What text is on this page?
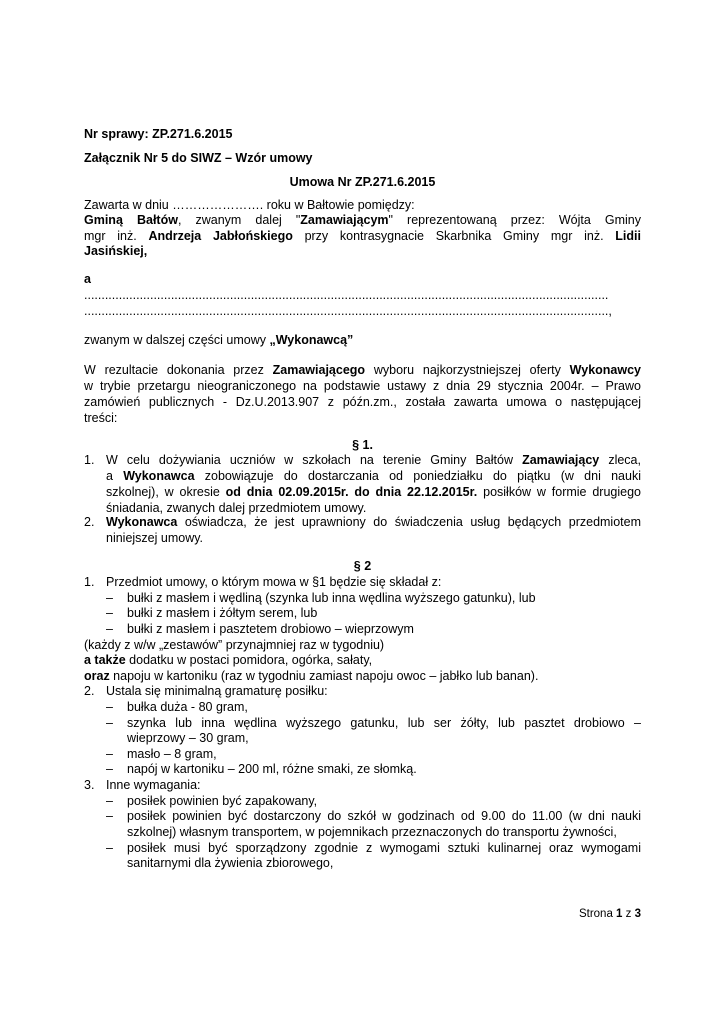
Nr sprawy: ZP.271.6.2015
Załącznik Nr 5 do SIWZ – Wzór umowy
Umowa Nr ZP.271.6.2015
Zawarta w dniu …………………. roku w Bałtowie pomiędzy:
Gminą Bałtów, zwanym dalej "Zamawiającym" reprezentowaną przez: Wójta Gminy
mgr inż. Andrzeja Jabłońskiego przy kontrasygnacie Skarbnika Gminy mgr inż. Lidii
Jasińskiej,
a
.......................................................................................................................................................
.......................................................................................................................................................,
zwanym w dalszej części umowy „Wykonawcą”
W rezultacie dokonania przez Zamawiającego wyboru najkorzystniejszej oferty Wykonawcy
w trybie przetargu nieograniczonego na podstawie ustawy z dnia 29 stycznia 2004r. – Prawo
zamówień publicznych - Dz.U.2013.907 z późn.zm., została zawarta umowa o następującej
treści:
§ 1.
1. W celu dożywiania uczniów w szkołach na terenie Gminy Bałtów Zamawiający zleca,
a Wykonawca zobowiązuje do dostarczania od poniedziałku do piątku (w dni nauki
szkolnej), w okresie od dnia 02.09.2015r. do dnia 22.12.2015r. posiłków w formie drugiego
śniadania, zwanych dalej przedmiotem umowy.
2. Wykonawca oświadcza, że jest uprawniony do świadczenia usług będących przedmiotem
niniejszej umowy.
§ 2
1. Przedmiot umowy, o którym mowa w §1 będzie się składał z:
– bułki z masłem i wędliną (szynka lub inna wędlina wyższego gatunku), lub
– bułki z masłem i żółtym serem, lub
– bułki z masłem i pasztetem drobiowo – wieprzowym
(każdy z w/w „zestawów” przynajmniej raz w tygodniu)
a także dodatku w postaci pomidora, ogórka, sałaty,
oraz napoju w kartoniku (raz w tygodniu zamiast napoju owoc – jabłko lub banan).
2. Ustala się minimalną gramaturę posiłku:
– bułka duża - 80 gram,
– szynka lub inna wędlina wyższego gatunku, lub ser żółty, lub pasztet drobiowo –
wieprzowy – 30 gram,
– masło – 8 gram,
– napój w kartoniku – 200 ml, różne smaki, ze słomką.
3. Inne wymagania:
– posiłek powinien być zapakowany,
– posiłek powinien być dostarczony do szkół w godzinach od 9.00 do 11.00 (w dni nauki
szkolnej) własnym transportem, w pojemnikach przeznaczonych do transportu żywności,
– posiłek musi być sporządzony zgodnie z wymogami sztuki kulinarnej oraz wymogami
sanitarnymi dla żywienia zbiorowego,
Strona 1 z 3
